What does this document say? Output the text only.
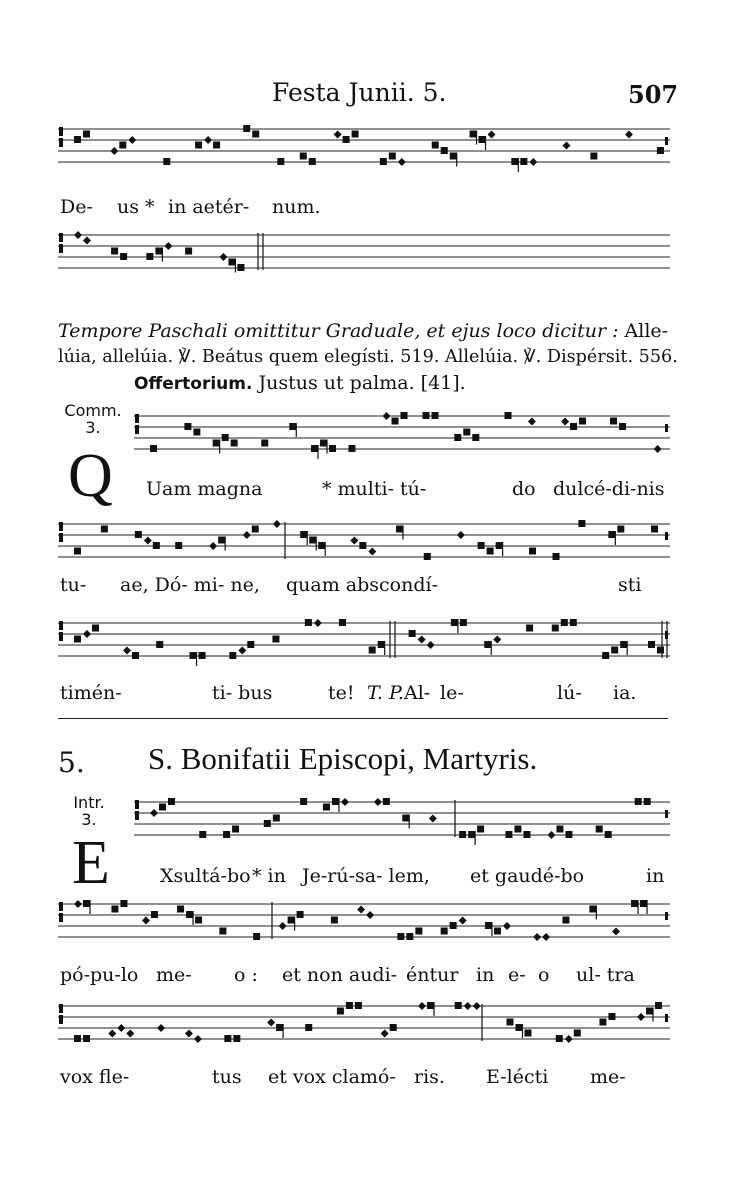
Festa Junii. 5.	507
De- us * in aetér- num.
Tempore Paschali omittitur Graduale, et ejus loco dicitur : Alle-
lúia, allelúia. ℣. Beátus quem elegísti. 519. Allelúia. ℣. Dispérsit. 556.
Offertorium. Justus ut palma. [41].
Comm.
3.
Q Uam magna	* multi- tú-	do dulcé-di-nis
tu- ae, Dó- mi- ne, quam abscondí-	sti
timén-	ti- bus	te! T. P. Al- le-	lú- ia.
5. S. Bonifatii Episcopi, Martyris.
Intr.
3.
E	Xsultá-bo * in Je-rú-sa- lem, et gaudé-bo	in
pó-pu-lo me- o : et non audi- éntur in e- o ul- tra
vox fle-	tus et vox clamó- ris. E-lécti me-
